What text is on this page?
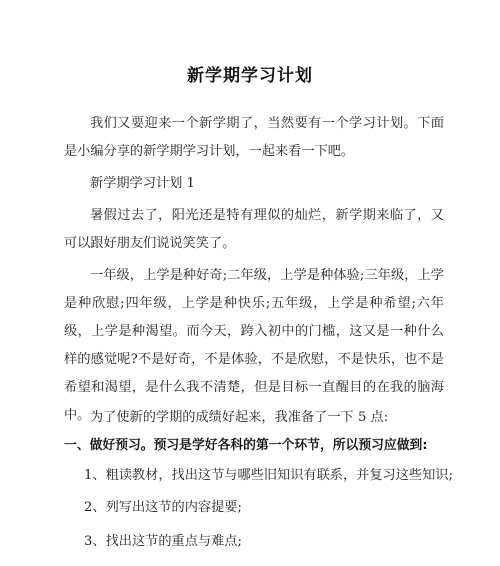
新学期学习计划

我们又要迎来一个新学期了，当然要有一个学习计划。下面是小编分享的新学期学习计划，一起来看一下吧。

新学期学习计划 1

暑假过去了，阳光还是特有理似的灿烂，新学期来临了，又可以跟好朋友们说说笑笑了。

一年级，上学是种好奇;二年级，上学是种体验;三年级，上学是种欣慰;四年级，上学是种快乐;五年级，上学是种希望;六年级，上学是种渴望。而今天，跨入初中的门槛，这又是一种什么样的感觉呢?不是好奇，不是体验，不是欣慰，不是快乐，也不是希望和渴望，是什么我不清楚，但是目标一直醒目的在我的脑海中。 为了使新的学期的成绩好起来，我准备了一下 5 点:

一、做好预习。预习是学好各科的第一个环节，所以预习应做到:

1、粗读教材，找出这节与哪些旧知识有联系，并复习这些知识;

2、列写出这节的内容提要;

3、找出这节的重点与难点;
